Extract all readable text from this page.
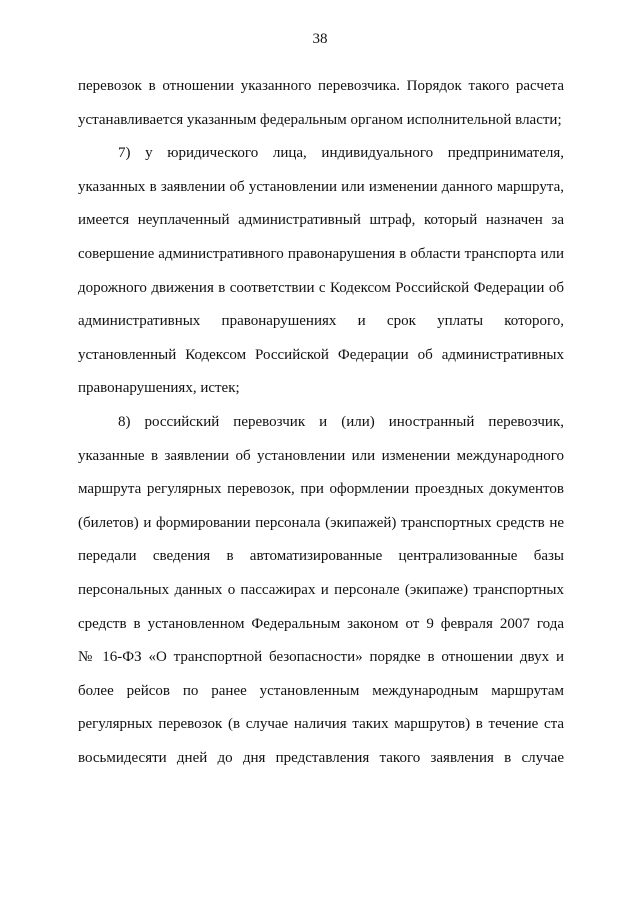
38
перевозок в отношении указанного перевозчика. Порядок такого расчета
устанавливается указанным федеральным органом исполнительной власти;
7) у юридического лица, индивидуального предпринимателя,
указанных в заявлении об установлении или изменении данного маршрута,
имеется неуплаченный административный штраф, который назначен за
совершение административного правонарушения в области транспорта или
дорожного движения в соответствии с Кодексом Российской Федерации об
административных правонарушениях и срок уплаты которого,
установленный Кодексом Российской Федерации об административных
правонарушениях, истек;
8) российский перевозчик и (или) иностранный перевозчик,
указанные в заявлении об установлении или изменении международного
маршрута регулярных перевозок, при оформлении проездных документов
(билетов) и формировании персонала (экипажей) транспортных средств не
передали сведения в автоматизированные централизованные базы
персональных данных о пассажирах и персонале (экипаже) транспортных
средств в установленном Федеральным законом от 9 февраля 2007 года
№ 16-ФЗ «О транспортной безопасности» порядке в отношении двух и
более рейсов по ранее установленным международным маршрутам
регулярных перевозок (в случае наличия таких маршрутов) в течение ста
восьмидесяти дней до дня представления такого заявления в случае
